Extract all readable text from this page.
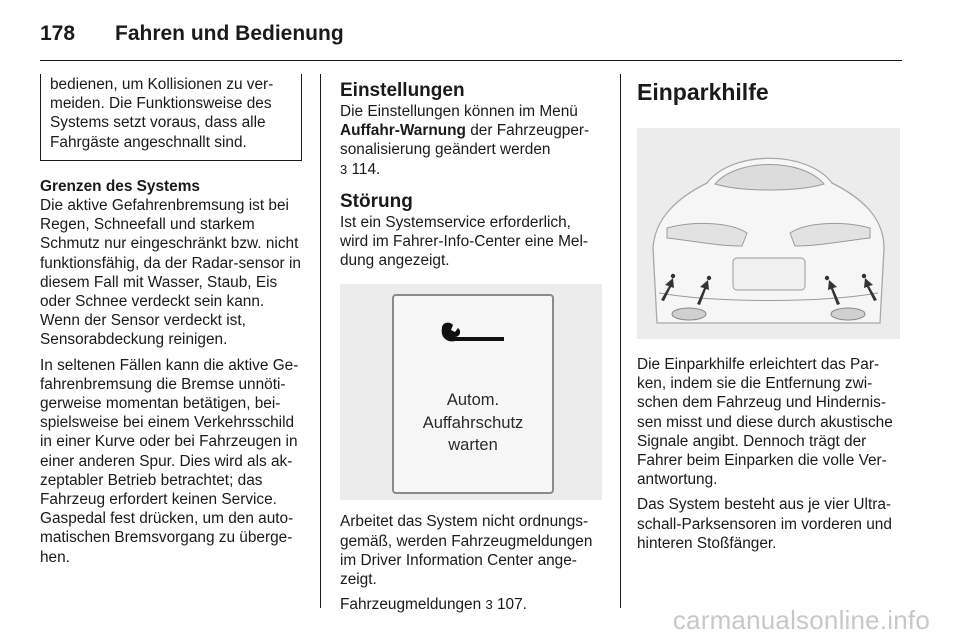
178 Fahren und Bedienung

bedienen, um Kollisionen zu ver-
meiden. Die Funktionsweise des
Systems setzt voraus, dass alle
Fahrgäste angeschnallt sind.

Grenzen des Systems

Die aktive Gefahrenbremsung ist bei Regen, Schneefall und starkem Schmutz nur eingeschränkt bzw. nicht funktionsfähig, da der Radar-sensor in diesem Fall mit Wasser, Staub, Eis oder Schnee verdeckt sein kann. Wenn der Sensor verdeckt ist, Sensorabdeckung reinigen.

In seltenen Fällen kann die aktive Ge-fahrenbremsung die Bremse unnöti-gerweise momentan betätigen, bei-spielsweise bei einem Verkehrsschild in einer Kurve oder bei Fahrzeugen in einer anderen Spur. Dies wird als ak-zeptabler Betrieb betrachtet; das Fahrzeug erfordert keinen Service. Gaspedal fest drücken, um den auto-matischen Bremsvorgang zu überge-hen.

Einstellungen

Die Einstellungen können im Menü
Auffahr-Warnung der Fahrzeugper-sonalisierung geändert werden
3 114.

Störung

Ist ein Systemservice erforderlich, wird im Fahrer-Info-Center eine Mel-dung angezeigt.

Autom.
Auffahrschutz
warten

Arbeitet das System nicht ordnungs-gemäß, werden Fahrzeugmeldungen im Driver Information Center ange-zeigt.

Fahrzeugmeldungen 3 107.

Einparkhilfe

Die Einparkhilfe erleichtert das Par-ken, indem sie die Entfernung zwi-schen dem Fahrzeug und Hindernis-sen misst und diese durch akustische Signale angibt. Dennoch trägt der Fahrer beim Einparken die volle Ver-antwortung.

Das System besteht aus je vier Ultra-schall-Parksensoren im vorderen und hinteren Stoßfänger.

carmanualsonline.info
